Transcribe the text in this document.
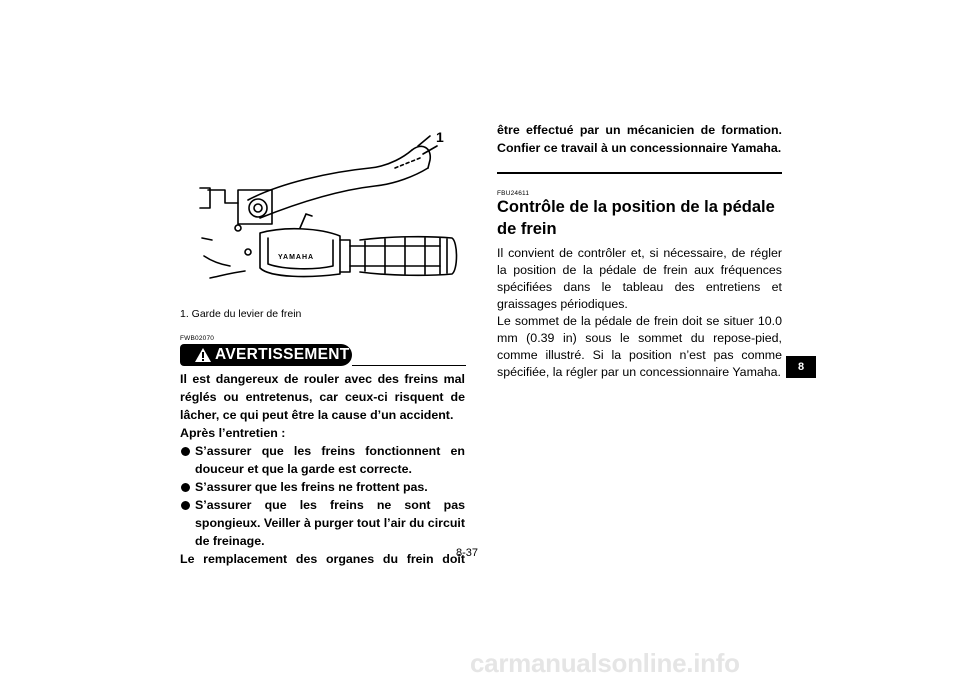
1
YAMAHA
1. Garde du levier de frein
FWB02070
AVERTISSEMENT

Il est dangereux de rouler avec des freins mal réglés ou entretenus, car ceux-ci risquent de lâcher, ce qui peut être la cause d’un accident.

Après l’entretien :

S’assurer que les freins fonctionnent en douceur et que la garde est correcte.
S’assurer que les freins ne frottent pas.
S’assurer que les freins ne sont pas spongieux. Veiller à purger tout l’air du circuit de freinage.

Le remplacement des organes du frein doit

être effectué par un mécanicien de formation. Confier ce travail à un concessionnaire Yamaha.
FBU24611
Contrôle de la position de la pédale de frein

Il convient de contrôler et, si nécessaire, de régler la position de la pédale de frein aux fréquences spécifiées dans le tableau des entretiens et graissages périodiques.

Le sommet de la pédale de frein doit se situer 10.0 mm (0.39 in) sous le sommet du repose-pied, comme illustré. Si la position n’est pas comme spécifiée, la régler par un concessionnaire Yamaha.	8
8-37
carmanualsonline.info
